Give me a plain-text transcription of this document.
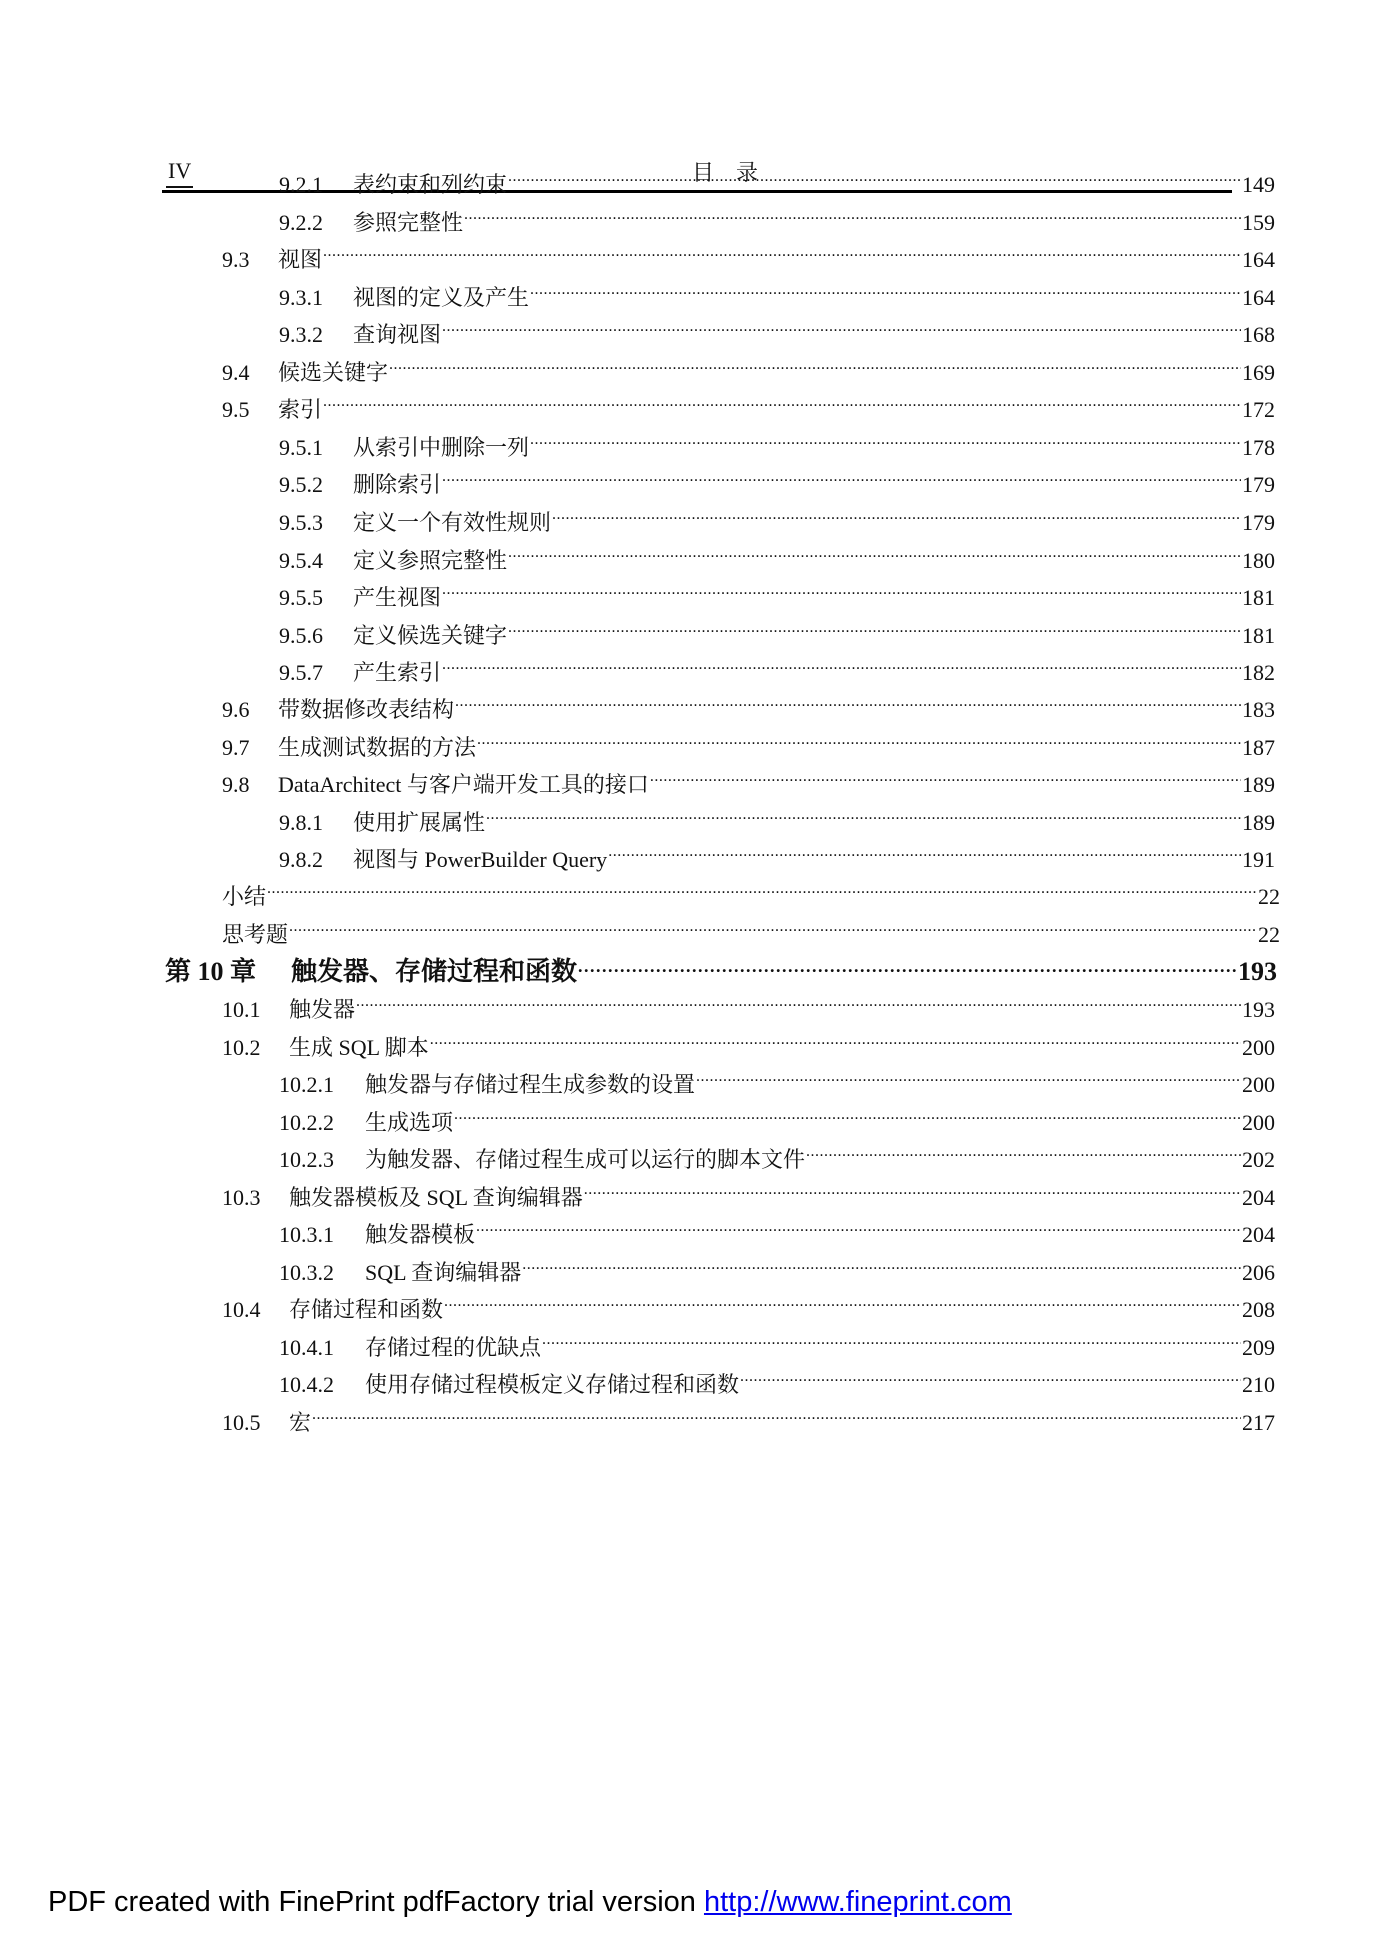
IV	目录
9.2.1	表约束和列约束 .....	149
9.2.2	参照完整性 .....	159
9.3	视图 .....	164
9.3.1	视图的定义及产生 .....	164
9.3.2	查询视图 .....	168
9.4	候选关键字 .....	169
9.5	索引 .....	172
9.5.1	从索引中删除一列 .....	178
9.5.2	删除索引 .....	179
9.5.3	定义一个有效性规则 .....	179
9.5.4	定义参照完整性 .....	180
9.5.5	产生视图 .....	181
9.5.6	定义候选关键字 .....	181
9.5.7	产生索引 .....	182
9.6	带数据修改表结构 .....	183
9.7	生成测试数据的方法 .....	187
9.8	DataArchitect 与客户端开发工具的接口 .....	189
9.8.1	使用扩展属性 .....	189
9.8.2	视图与 PowerBuilder Query .....	191
小结 .....	22
思考题 .....	22
第 10 章	触发器、存储过程和函数 .....	193
10.1	触发器 .....	193
10.2	生成 SQL 脚本 .....	200
10.2.1	触发器与存储过程生成参数的设置 .....	200
10.2.2	生成选项 .....	200
10.2.3	为触发器、存储过程生成可以运行的脚本文件 .....	202
10.3	触发器模板及 SQL 查询编辑器 .....	204
10.3.1	触发器模板 .....	204
10.3.2	SQL 查询编辑器 .....	206
10.4	存储过程和函数 .....	208
10.4.1	存储过程的优缺点 .....	209
10.4.2	使用存储过程模板定义存储过程和函数 .....	210
10.5	宏 .....	217
PDF created with FinePrint pdfFactory trial version http://www.fineprint.com
